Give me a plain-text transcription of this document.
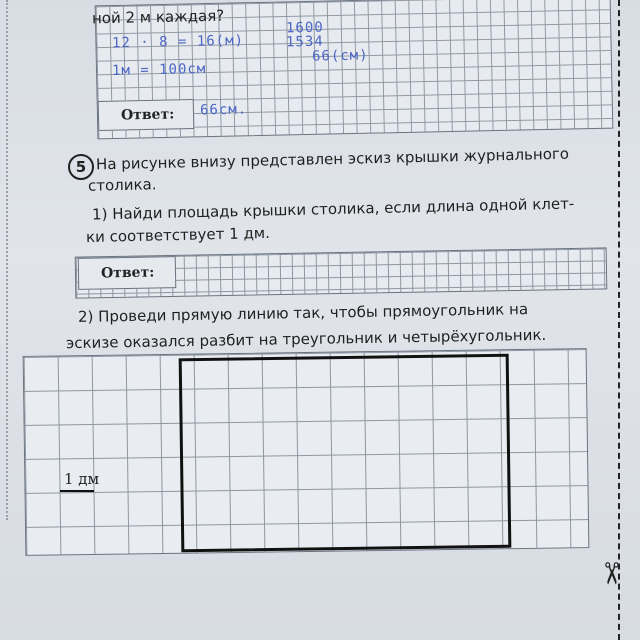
ной 2 м каждая?
12 · 8 = 16(м)
1м = 100см
1600
1534
66(см)
Ответ:	66см.
5 На рисунке внизу представлен эскиз крышки журнального
столика.
1) Найди площадь крышки столика, если длина одной клет-
ки соответствует 1 дм.
Ответ:
2) Проведи прямую линию так, чтобы прямоугольник на
эскизе оказался разбит на треугольник и четырёхугольник.
1 дм
✂
